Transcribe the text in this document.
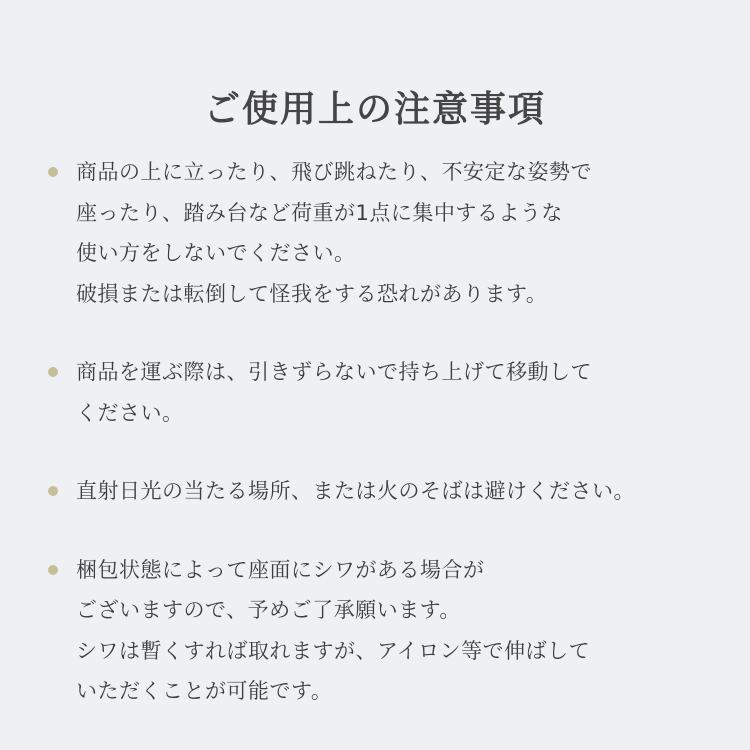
ご使用上の注意事項
商品の上に立ったり、飛び跳ねたり、不安定な姿勢で
座ったり、踏み台など荷重が1点に集中するような
使い方をしないでください。
破損または転倒して怪我をする恐れがあります。
商品を運ぶ際は、引きずらないで持ち上げて移動して
ください。
直射日光の当たる場所、または火のそばは避けください。
梱包状態によって座面にシワがある場合が
ございますので、予めご了承願います。
シワは暫くすれば取れますが、アイロン等で伸ばして
いただくことが可能です。
